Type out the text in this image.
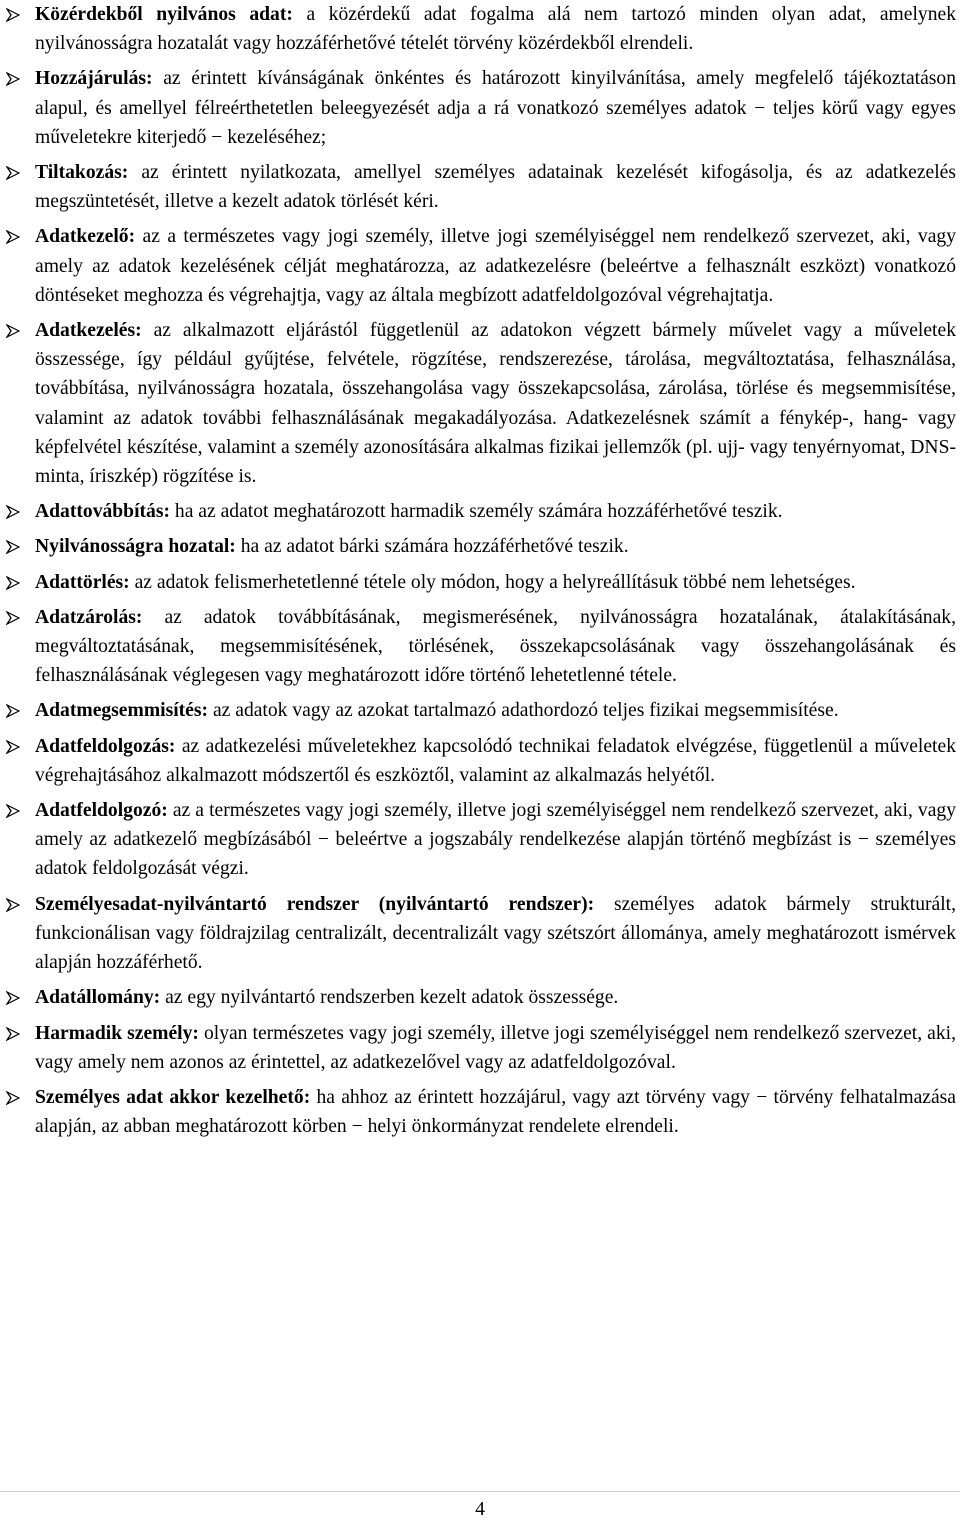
Közérdekből nyilvános adat: a közérdekű adat fogalma alá nem tartozó minden olyan adat, amelynek nyilvánosságra hozatalát vagy hozzáférhetővé tételét törvény közérdekből elrendeli.
Hozzájárulás: az érintett kívánságának önkéntes és határozott kinyilvánítása, amely megfelelő tájékoztatáson alapul, és amellyel félreérthetetlen beleegyezését adja a rá vonatkozó személyes adatok − teljes körű vagy egyes műveletekre kiterjedő − kezeléséhez;
Tiltakozás: az érintett nyilatkozata, amellyel személyes adatainak kezelését kifogásolja, és az adatkezelés megszüntetését, illetve a kezelt adatok törlését kéri.
Adatkezelő: az a természetes vagy jogi személy, illetve jogi személyiséggel nem rendelkező szervezet, aki, vagy amely az adatok kezelésének célját meghatározza, az adatkezelésre (beleértve a felhasznált eszközt) vonatkozó döntéseket meghozza és végrehajtja, vagy az általa megbízott adatfeldolgozóval végrehajtatja.
Adatkezelés: az alkalmazott eljárástól függetlenül az adatokon végzett bármely művelet vagy a műveletek összessége, így például gyűjtése, felvétele, rögzítése, rendszerezése, tárolása, megváltoztatása, felhasználása, továbbítása, nyilvánosságra hozatala, összehangolása vagy összekapcsolása, zárolása, törlése és megsemmisítése, valamint az adatok további felhasználásának megakadályozása. Adatkezelésnek számít a fénykép-, hang- vagy képfelvétel készítése, valamint a személy azonosítására alkalmas fizikai jellemzők (pl. ujj- vagy tenyérnyomat, DNS-minta, íriszkép) rögzítése is.
Adattovábbítás: ha az adatot meghatározott harmadik személy számára hozzáférhetővé teszik.
Nyilvánosságra hozatal: ha az adatot bárki számára hozzáférhetővé teszik.
Adattörlés: az adatok felismerhetetlenné tétele oly módon, hogy a helyreállításuk többé nem lehetséges.
Adatzárolás: az adatok továbbításának, megismerésének, nyilvánosságra hozatalának, átalakításának, megváltoztatásának, megsemmisítésének, törlésének, összekapcsolásának vagy összehangolásának és felhasználásának véglegesen vagy meghatározott időre történő lehetetlenné tétele.
Adatmegsemmisítés: az adatok vagy az azokat tartalmazó adathordozó teljes fizikai megsemmisítése.
Adatfeldolgozás: az adatkezelési műveletekhez kapcsolódó technikai feladatok elvégzése, függetlenül a műveletek végrehajtásához alkalmazott módszertől és eszköztől, valamint az alkalmazás helyétől.
Adatfeldolgozó: az a természetes vagy jogi személy, illetve jogi személyiséggel nem rendelkező szervezet, aki, vagy amely az adatkezelő megbízásából − beleértve a jogszabály rendelkezése alapján történő megbízást is − személyes adatok feldolgozását végzi.
Személyesadat-nyilvántartó rendszer (nyilvántartó rendszer): személyes adatok bármely strukturált, funkcionálisan vagy földrajzilag centralizált, decentralizált vagy szétszórt állománya, amely meghatározott ismérvek alapján hozzáférhető.
Adatállomány: az egy nyilvántartó rendszerben kezelt adatok összessége.
Harmadik személy: olyan természetes vagy jogi személy, illetve jogi személyiséggel nem rendelkező szervezet, aki, vagy amely nem azonos az érintettel, az adatkezelővel vagy az adatfeldolgozóval.
Személyes adat akkor kezelhető: ha ahhoz az érintett hozzájárul, vagy azt törvény vagy − törvény felhatalmazása alapján, az abban meghatározott körben − helyi önkormányzat rendelete elrendeli.
4
